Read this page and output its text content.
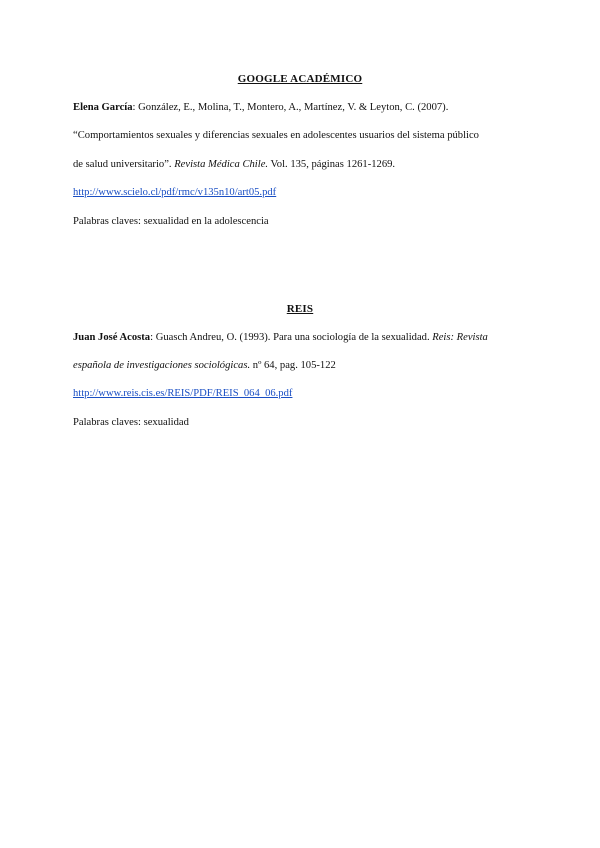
GOOGLE ACADÉMICO
Elena García: González, E., Molina, T., Montero, A., Martínez, V. & Leyton, C. (2007).
“Comportamientos sexuales y diferencias sexuales en adolescentes usuarios del sistema público
de salud universitario”. Revista Médica Chile. Vol. 135, páginas 1261-1269.
http://www.scielo.cl/pdf/rmc/v135n10/art05.pdf
Palabras claves: sexualidad en la adolescencia
REIS
Juan José Acosta: Guasch Andreu, O. (1993). Para una sociología de la sexualidad. Reis: Revista
española de investigaciones sociológicas. nº 64, pag. 105-122
http://www.reis.cis.es/REIS/PDF/REIS_064_06.pdf
Palabras claves: sexualidad
